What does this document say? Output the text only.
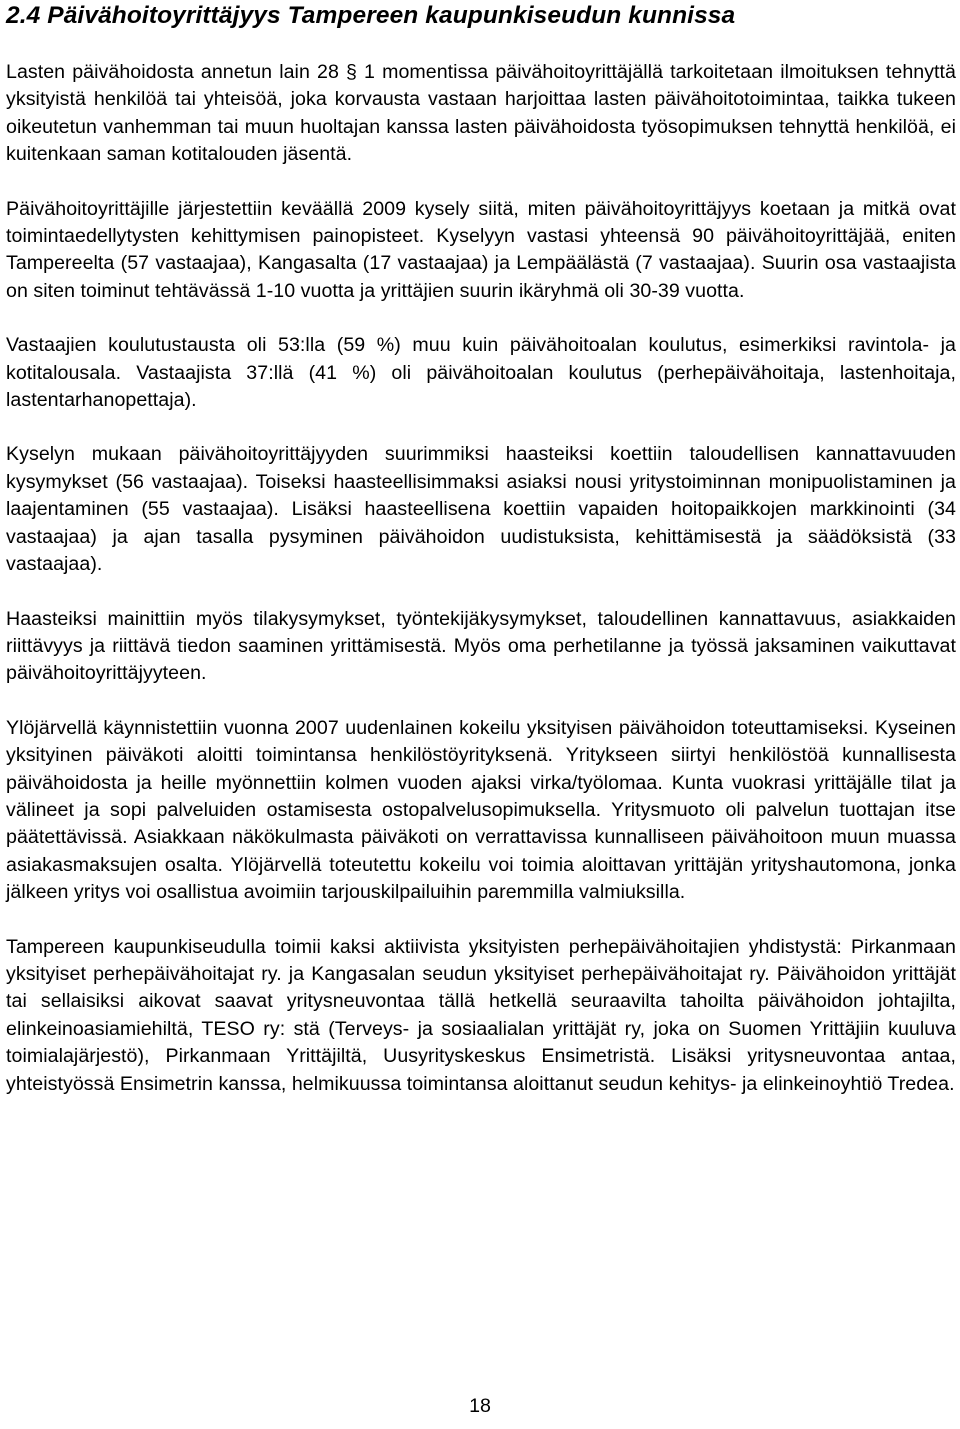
2.4 Päivähoitoyrittäjyys Tampereen kaupunkiseudun kunnissa

Lasten päivähoidosta annetun lain 28 § 1 momentissa päivähoitoyrittäjällä tarkoitetaan ilmoituksen tehnyttä yksityistä henkilöä tai yhteisöä, joka korvausta vastaan harjoittaa lasten päivähoitotoimintaa, taikka tukeen oikeutetun vanhemman tai muun huoltajan kanssa lasten päivähoidosta työsopimuksen tehnyttä henkilöä, ei kuitenkaan saman kotitalouden jäsentä.

Päivähoitoyrittäjille järjestettiin keväällä 2009 kysely siitä, miten päivähoitoyrittäjyys koetaan ja mitkä ovat toimintaedellytysten kehittymisen painopisteet. Kyselyyn vastasi yhteensä 90 päivähoitoyrittäjää, eniten Tampereelta (57 vastaajaa), Kangasalta (17 vastaajaa) ja Lempäälästä (7 vastaajaa). Suurin osa vastaajista on siten toiminut tehtävässä 1-10 vuotta ja yrittäjien suurin ikäryhmä oli 30-39 vuotta.

Vastaajien koulutustausta oli 53:lla (59 %) muu kuin päivähoitoalan koulutus, esimerkiksi ravintola- ja kotitalousala. Vastaajista 37:llä (41 %) oli päivähoitoalan koulutus (perhepäivähoitaja, lastenhoitaja, lastentarhanopettaja).

Kyselyn mukaan päivähoitoyrittäjyyden suurimmiksi haasteiksi koettiin taloudellisen kannattavuuden kysymykset (56 vastaajaa). Toiseksi haasteellisimmaksi asiaksi nousi yritystoiminnan monipuolistaminen ja laajentaminen (55 vastaajaa). Lisäksi haasteellisena koettiin vapaiden hoitopaikkojen markkinointi (34 vastaajaa) ja ajan tasalla pysyminen päivähoidon uudistuksista, kehittämisestä ja säädöksistä (33 vastaajaa).

Haasteiksi mainittiin myös tilakysymykset, työntekijäkysymykset, taloudellinen kannattavuus, asiakkaiden riittävyys ja riittävä tiedon saaminen yrittämisestä. Myös oma perhetilanne ja työssä jaksaminen vaikuttavat päivähoitoyrittäjyyteen.

Ylöjärvellä käynnistettiin vuonna 2007 uudenlainen kokeilu yksityisen päivähoidon toteuttamiseksi. Kyseinen yksityinen päiväkoti aloitti toimintansa henkilöstöyrityksenä. Yritykseen siirtyi henkilöstöä kunnallisesta päivähoidosta ja heille myönnettiin kolmen vuoden ajaksi virka/työlomaa. Kunta vuokrasi yrittäjälle tilat ja välineet ja sopi palveluiden ostamisesta ostopalvelusopimuksella. Yritysmuoto oli palvelun tuottajan itse päätettävissä. Asiakkaan näkökulmasta päiväkoti on verrattavissa kunnalliseen päivähoitoon muun muassa asiakasmaksujen osalta. Ylöjärvellä toteutettu kokeilu voi toimia aloittavan yrittäjän yrityshautomona, jonka jälkeen yritys voi osallistua avoimiin tarjouskilpailuihin paremmilla valmiuksilla.

Tampereen kaupunkiseudulla toimii kaksi aktiivista yksityisten perhepäivähoitajien yhdistystä: Pirkanmaan yksityiset perhepäivähoitajat ry. ja Kangasalan seudun yksityiset perhepäivähoitajat ry. Päivähoidon yrittäjät tai sellaisiksi aikovat saavat yritysneuvontaa tällä hetkellä seuraavilta tahoilta päivähoidon johtajilta, elinkeinoasiamiehiltä, TESO ry: stä (Terveys- ja sosiaalialan yrittäjät ry, joka on Suomen Yrittäjiin kuuluva toimialajärjestö), Pirkanmaan Yrittäjiltä, Uusyrityskeskus Ensimetristä. Lisäksi yritysneuvontaa antaa, yhteistyössä Ensimetrin kanssa, helmikuussa toimintansa aloittanut seudun kehitys- ja elinkeinoyhtiö Tredea.

18
